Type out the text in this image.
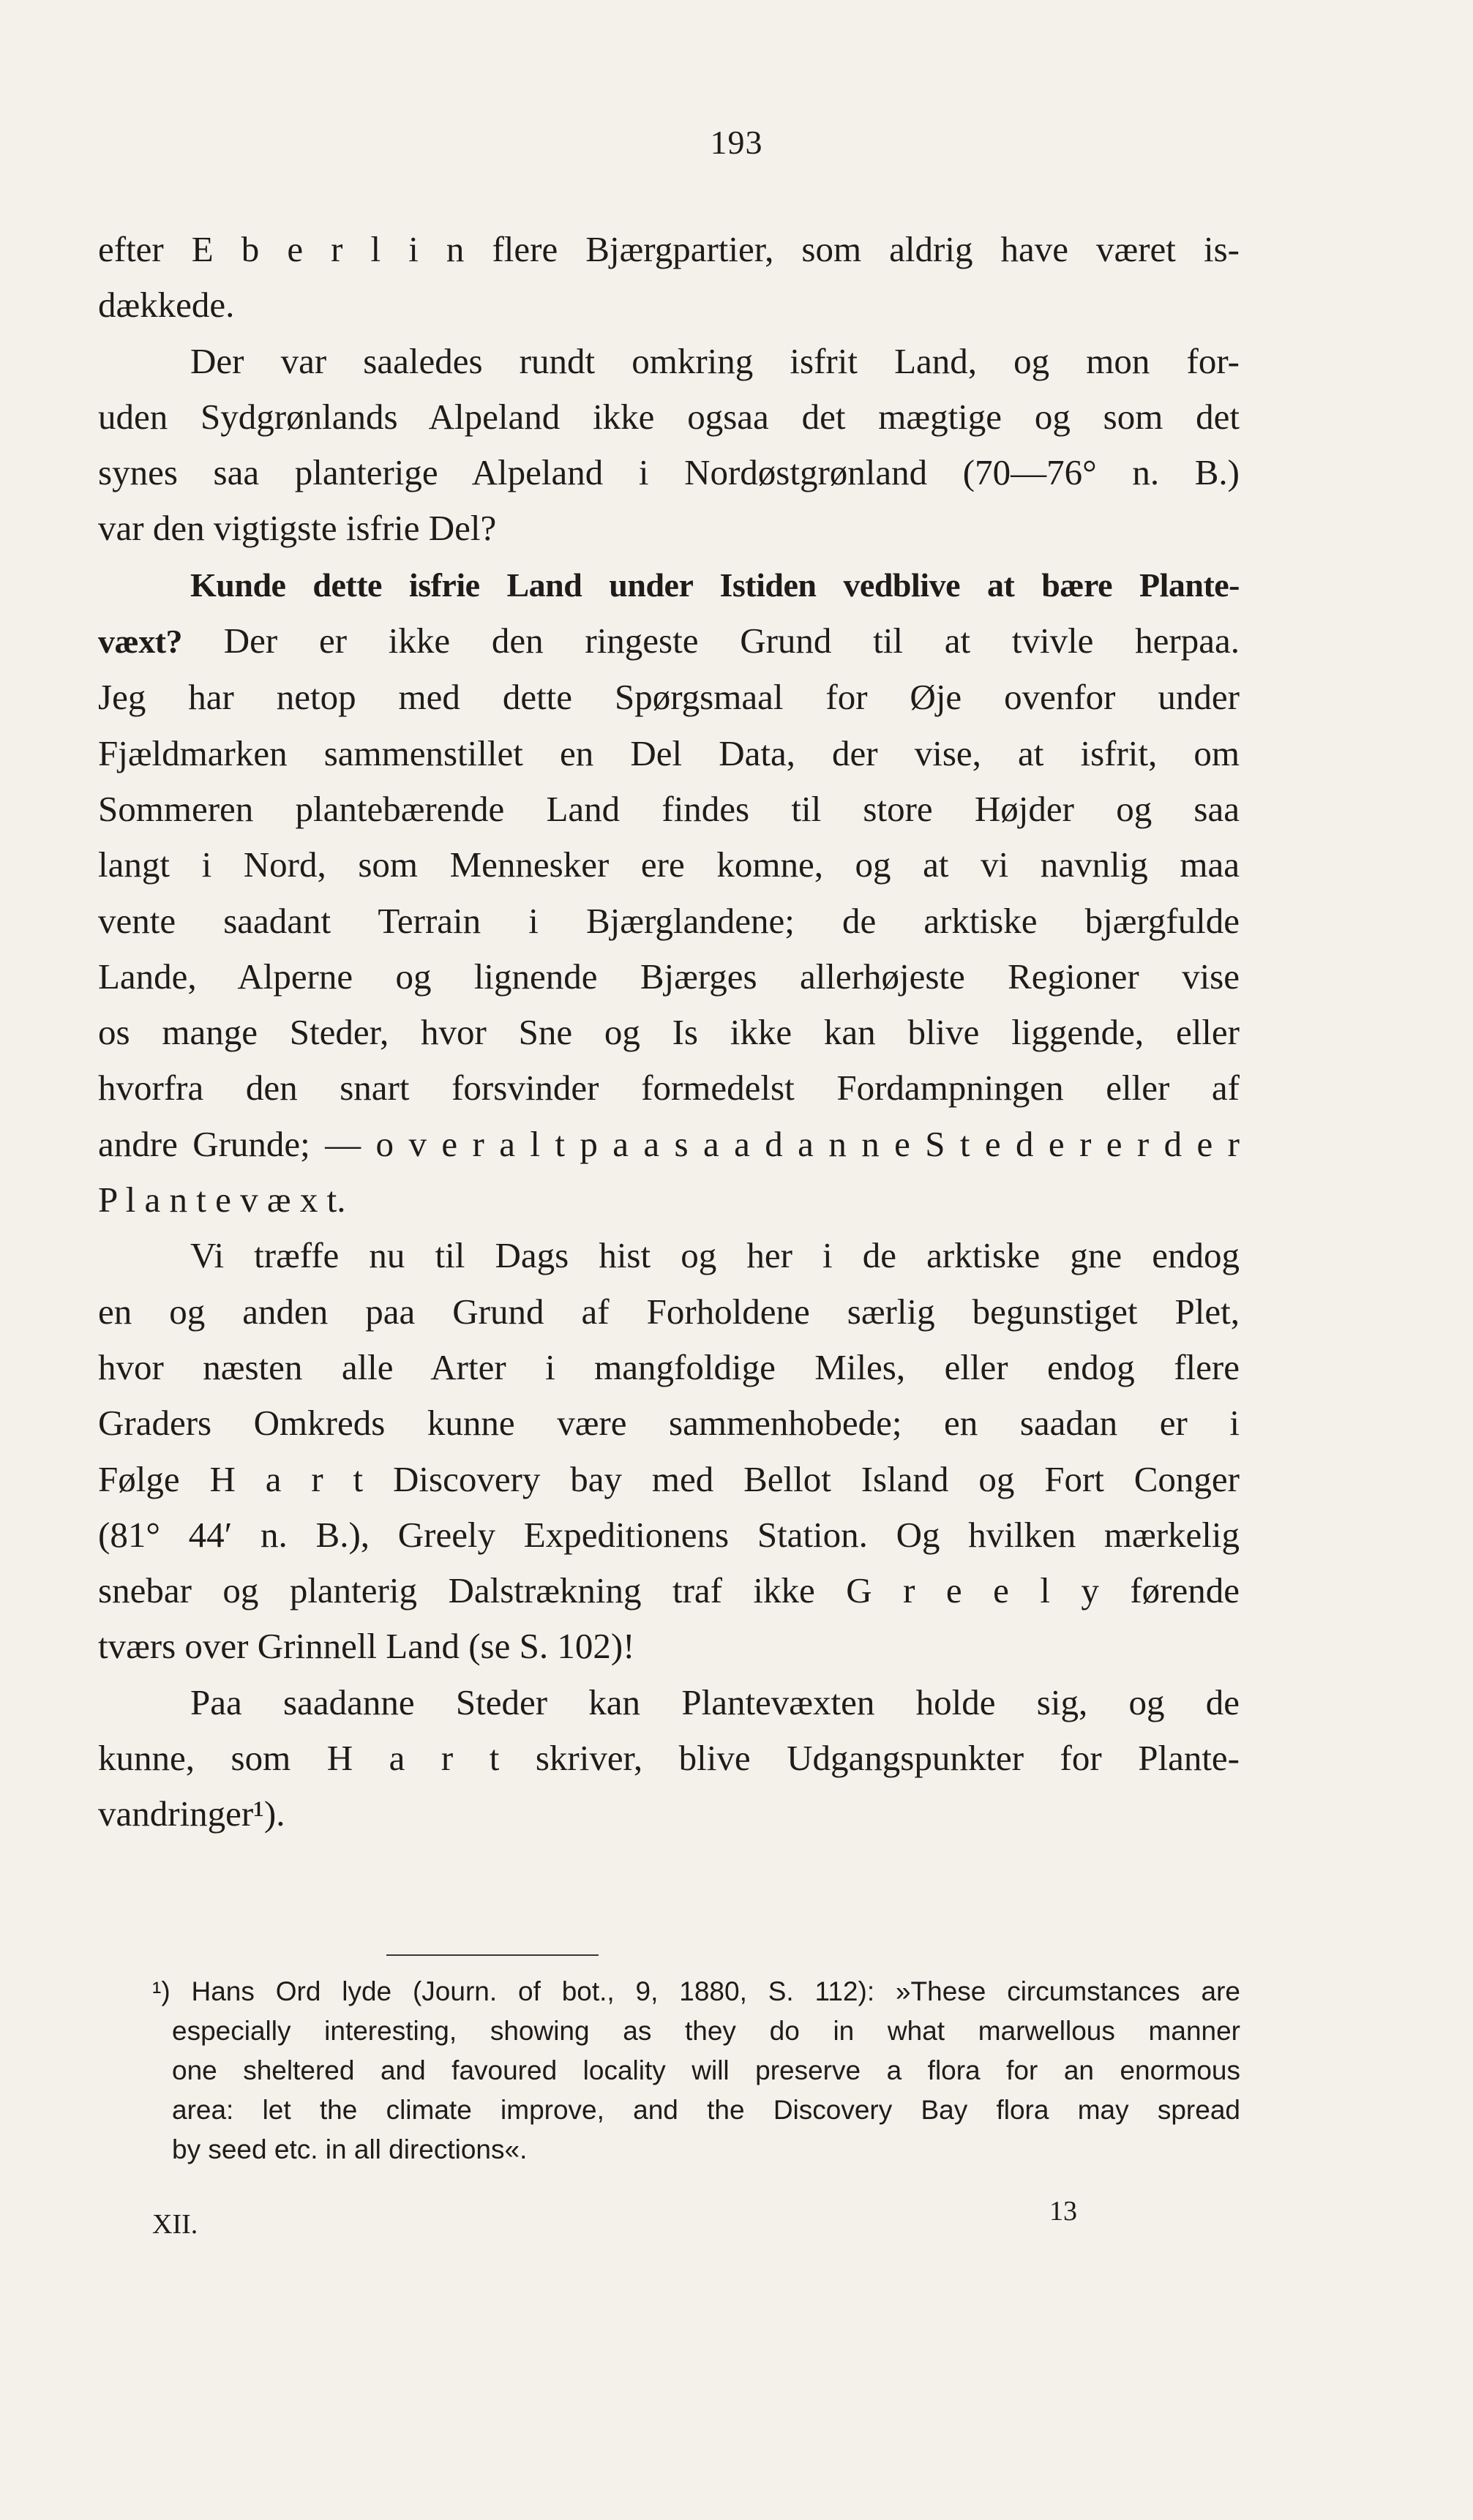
193
efter E b e r l i n flere Bjærgpartier, som aldrig have været is-
dækkede.
Der var saaledes rundt omkring isfrit Land, og mon for-
uden Sydgrønlands Alpeland ikke ogsaa det mægtige og som det
synes saa planterige Alpeland i Nordøstgrønland (70—76° n. B.)
var den vigtigste isfrie Del?
Kunde dette isfrie Land under Istiden vedblive at bære Plante-
væxt? Der er ikke den ringeste Grund til at tvivle herpaa.
Jeg har netop med dette Spørgsmaal for Øje ovenfor under
Fjældmarken sammenstillet en Del Data, der vise, at isfrit, om
Sommeren plantebærende Land findes til store Højder og saa
langt i Nord, som Mennesker ere komne, og at vi navnlig maa
vente saadant Terrain i Bjærglandene; de arktiske bjærgfulde
Lande, Alperne og lignende Bjærges allerhøjeste Regioner vise
os mange Steder, hvor Sne og Is ikke kan blive liggende, eller
hvorfra den snart forsvinder formedelst Fordampningen eller af
andre Grunde; — o v e r a l t p a a s a a d a n n e S t e d e r e r d e r
P l a n t e v æ x t.
Vi træffe nu til Dags hist og her i de arktiske gne endog
en og anden paa Grund af Forholdene særlig begunstiget Plet,
hvor næsten alle Arter i mangfoldige Miles, eller endog flere
Graders Omkreds kunne være sammenhobede; en saadan er i
Følge H a r t Discovery bay med Bellot Island og Fort Conger
(81° 44′ n. B.), Greely Expeditionens Station. Og hvilken mærkelig
snebar og planterig Dalstrækning traf ikke G r e e l y førende
tværs over Grinnell Land (se S. 102)!
Paa saadanne Steder kan Plantevæxten holde sig, og de
kunne, som H a r t skriver, blive Udgangspunkter for Plante-
vandringer¹).
¹) Hans Ord lyde (Journ. of bot., 9, 1880, S. 112): »These circumstances are
especially interesting, showing as they do in what marwellous manner
one sheltered and favoured locality will preserve a flora for an enormous
area: let the climate improve, and the Discovery Bay flora may spread
by seed etc. in all directions«.
XII.	13
